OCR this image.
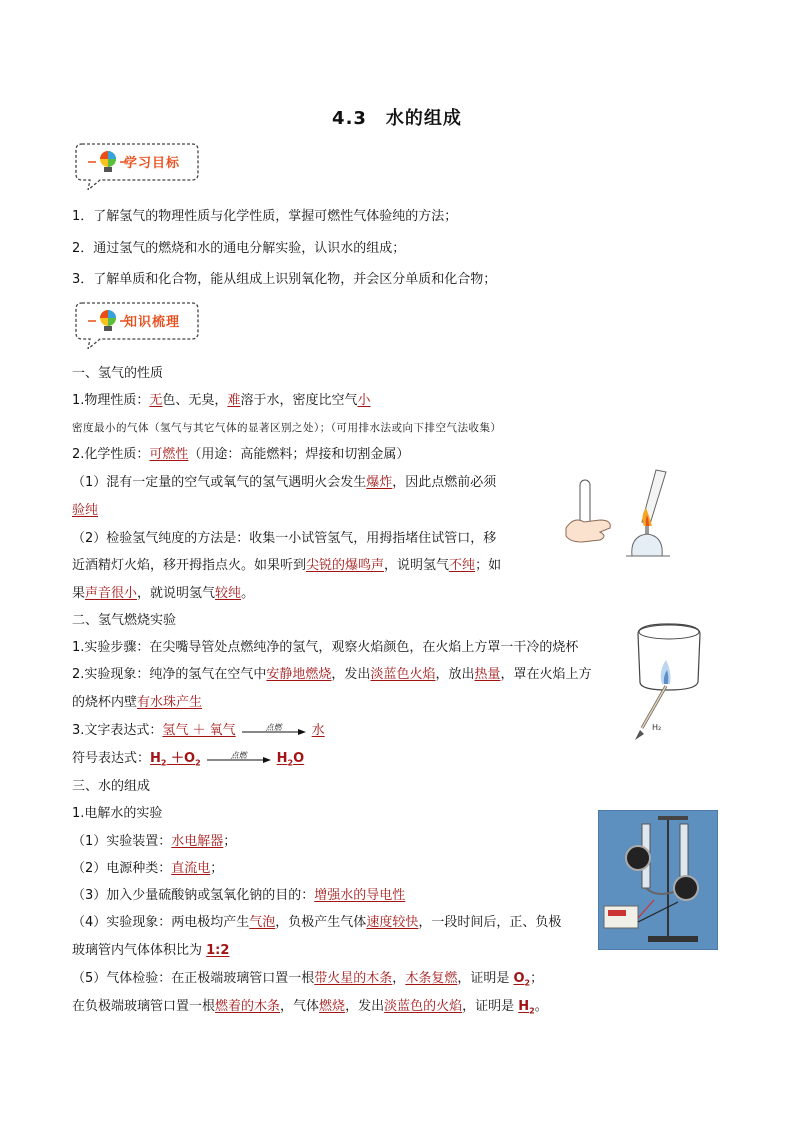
4.3　水的组成
学习目标
1．了解氢气的物理性质与化学性质，掌握可燃性气体验纯的方法；
2．通过氢气的燃烧和水的通电分解实验，认识水的组成；
3．了解单质和化合物，能从组成上识别氧化物，并会区分单质和化合物；
知识梳理
一、氢气的性质
1.物理性质：无色、无臭，难溶于水，密度比空气小
密度最小的气体（氢气与其它气体的显著区别之处）；（可用排水法或向下排空气法收集）
2.化学性质：可燃性（用途：高能燃料；焊接和切割金属）
（1）混有一定量的空气或氧气的氢气遇明火会发生爆炸，因此点燃前必须
验纯
（2）检验氢气纯度的方法是：收集一小试管氢气，用拇指堵住试管口，移
近酒精灯火焰，移开拇指点火。如果听到尖锐的爆鸣声，说明氢气不纯；如
果声音很小，就说明氢气较纯。
二、氢气燃烧实验
1.实验步骤：在尖嘴导管处点燃纯净的氢气，观察火焰颜色，在火焰上方罩一干冷的烧杯
2.实验现象：纯净的氢气在空气中安静地燃烧，发出淡蓝色火焰，放出热量，罩在火焰上方
的烧杯内壁有水珠产生
3.文字表达式：氢气 ＋ 氧气	点燃	水
符号表达式：$H_2 +O_2$
点燃	$H_2O$
H₂
三、水的组成
1.电解水的实验
（1）实验装置：水电解器；
（2）电源种类：直流电；
（3）加入少量硫酸钠或氢氧化钠的目的：增强水的导电性
（4）实验现象：两电极均产生气泡，负极产生气体速度较快，一段时间后，正、负极
玻璃管内气体体积比为 1:2
（5）气体检验：在正极端玻璃管口置一根带火星的木条，木条复燃，证明是 $O_2$；
在负极端玻璃管口置一根燃着的木条，气体燃烧，发出淡蓝色的火焰，证明是 $H_2$。
